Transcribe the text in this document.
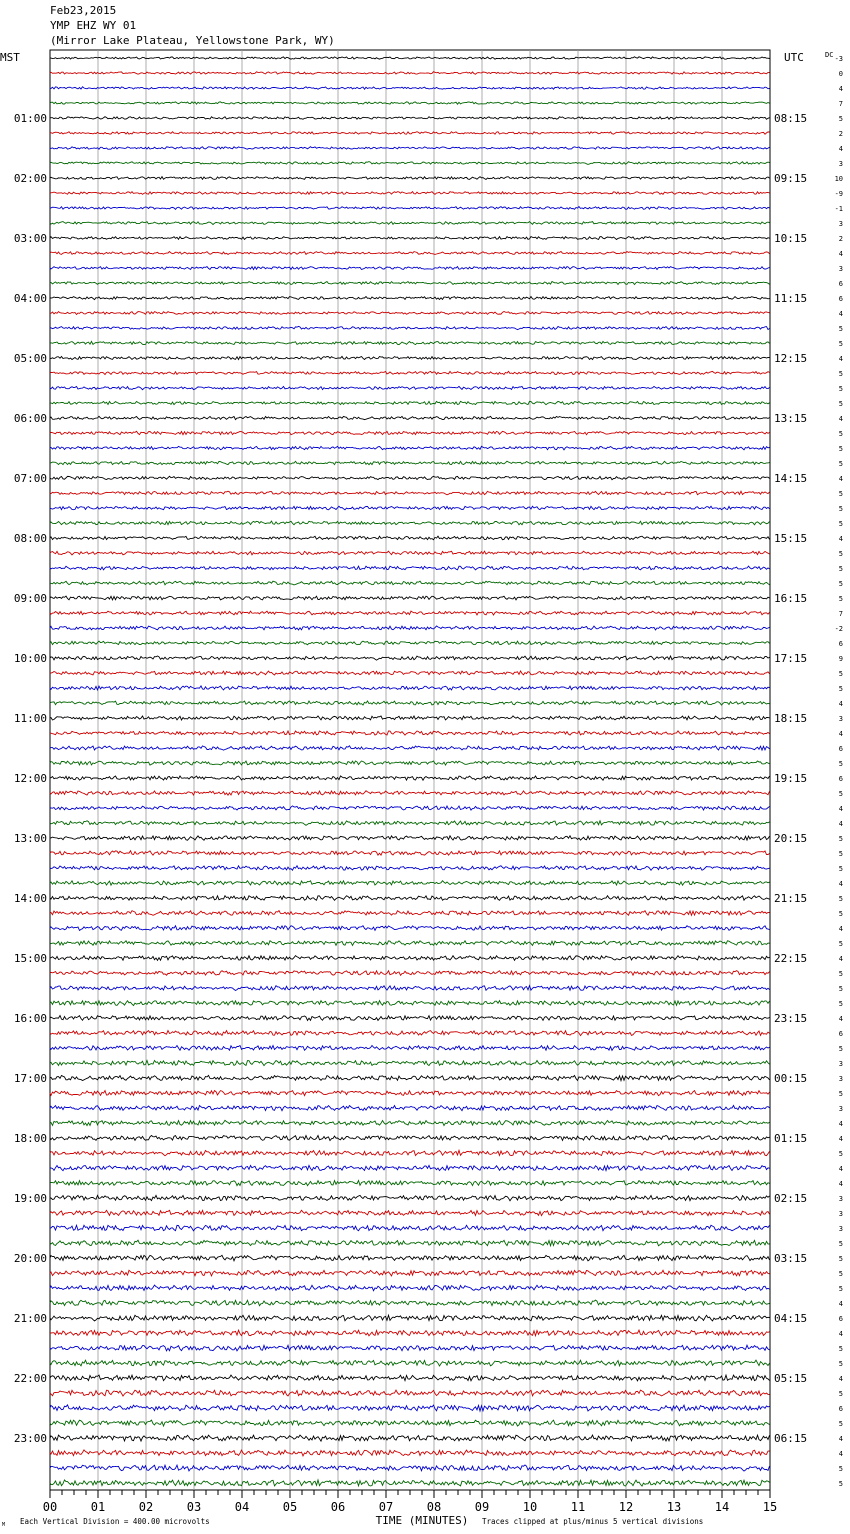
Feb23,2015
YMP EHZ WY 01
(Mirror Lake Plateau, Yellowstone Park, WY)
MST	UTC
01:00
02:00
03:00
04:00
05:00
06:00
07:00
08:00
09:00
10:00
11:00
12:00
13:00
14:00
15:00
16:00
17:00
18:00
19:00
20:00
21:00
22:00
23:00
08:15
09:15
10:15
11:15
12:15
13:15
14:15
15:15
16:15
17:15
18:15
19:15
20:15
21:15
22:15
23:15
00:15
01:15
02:15
03:15
04:15
05:15
06:15
DC -3
0
4
7
5
2
4
3
10
-9
-1
3
2
4
3
6
6
4
5
5
4
5
5
5
4
5
5
5
4
5
5
5
4
5
5
5
5
7
-2
6
9
5
5
4
3
4
6
5
6
5
4
4
5
5
5
4
5
5
4
5
4
5
5
5
4
6
5
3
3
5
3
4
4
5
4
4
3
3
3
5
5
5
5
4
6
4
5
5
4
5
6
5
4
4
5
5
00	01	02	03	04	05	06	07	08	09	10	11	12	13	14	15
TIME (MINUTES)
Each Vertical Division = 400.00 microvolts	Traces clipped at plus/minus 5 vertical divisions
M
